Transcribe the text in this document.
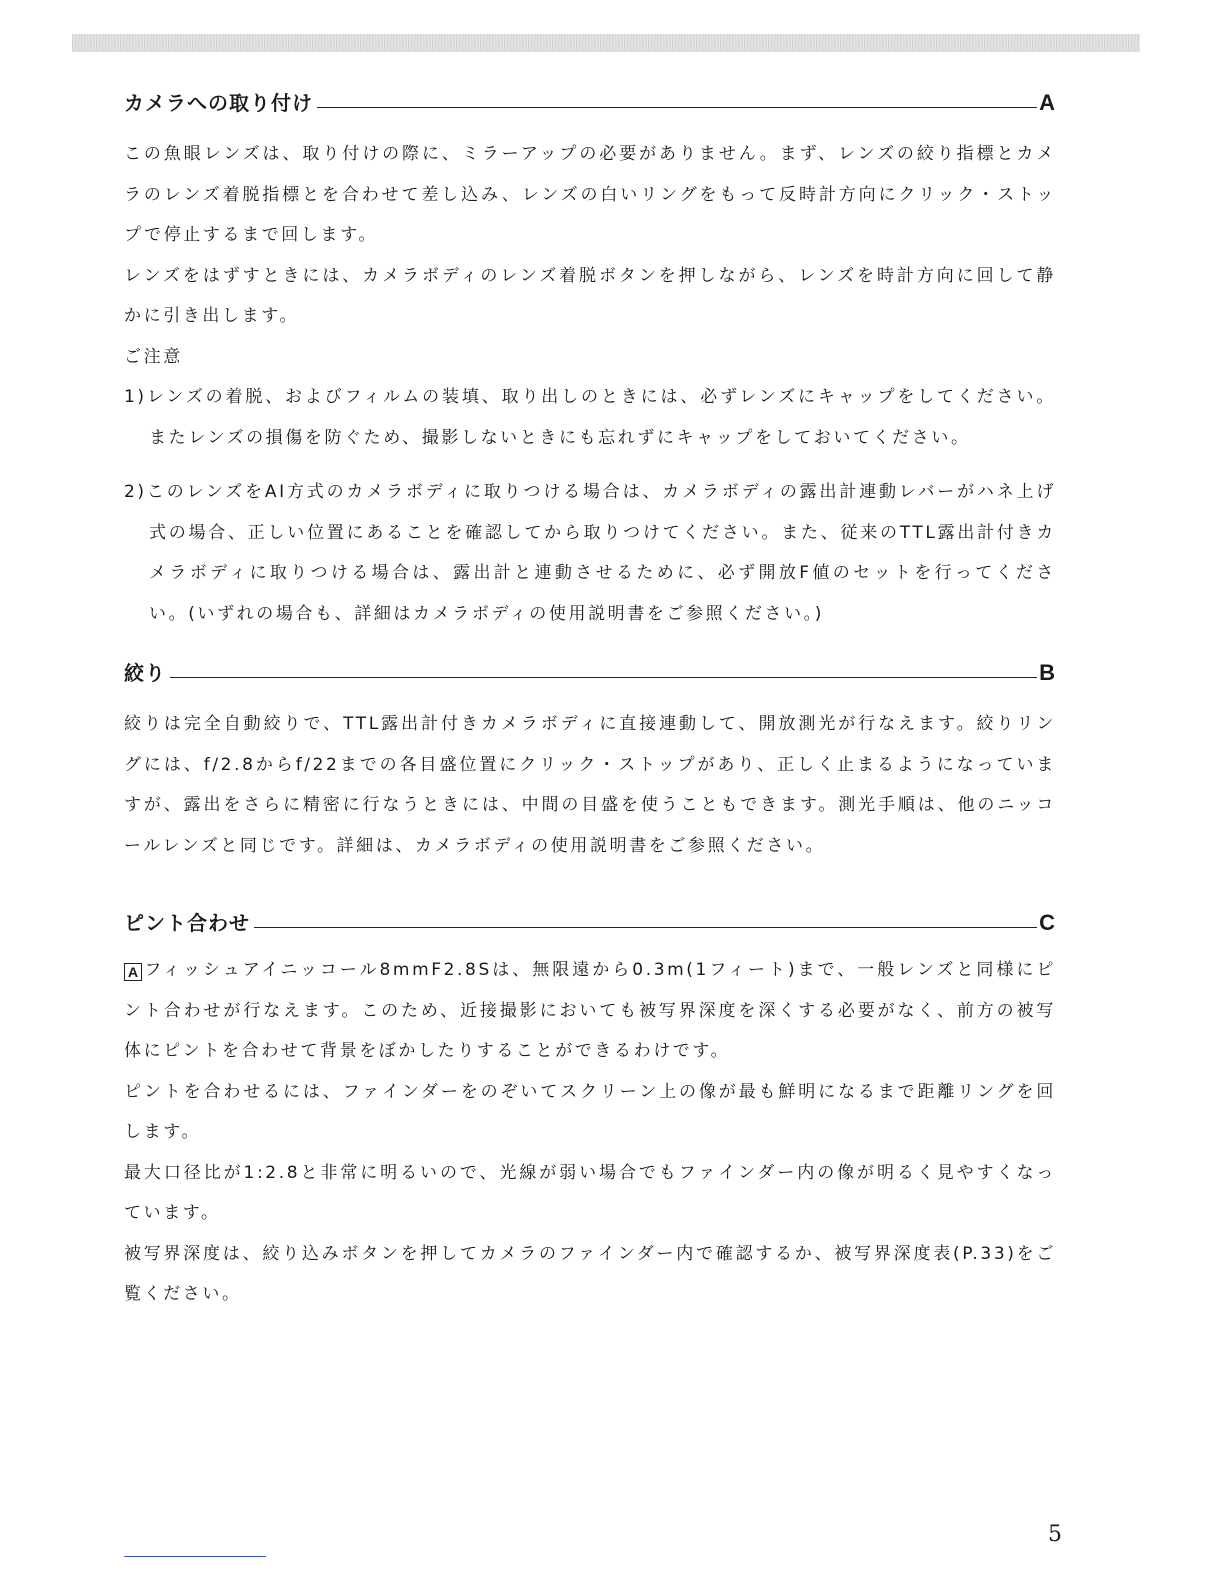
カメラへの取り付け	A

この魚眼レンズは、取り付けの際に、ミラーアップの必要がありません。まず、レンズの絞り指標とカメラのレンズ着脱指標とを合わせて差し込み、レンズの白いリングをもって反時計方向にクリック・ストップで停止するまで回します。

レンズをはずすときには、カメラボディのレンズ着脱ボタンを押しながら、レンズを時計方向に回して静かに引き出します。

ご注意

1)レンズの着脱、およびフィルムの装填、取り出しのときには、必ずレンズにキャップをしてください。またレンズの損傷を防ぐため、撮影しないときにも忘れずにキャップをしておいてください。

2)このレンズをAI方式のカメラボディに取りつける場合は、カメラボディの露出計連動レバーがハネ上げ式の場合、正しい位置にあることを確認してから取りつけてください。また、従来のTTL露出計付きカメラボディに取りつける場合は、露出計と連動させるために、必ず開放F値のセットを行ってください。(いずれの場合も、詳細はカメラボディの使用説明書をご参照ください。)

絞り	B

絞りは完全自動絞りで、TTL露出計付きカメラボディに直接連動して、開放測光が行なえます。絞りリングには、f/2.8からf/22までの各目盛位置にクリック・ストップがあり、正しく止まるようになっていますが、露出をさらに精密に行なうときには、中間の目盛を使うこともできます。測光手順は、他のニッコールレンズと同じです。詳細は、カメラボディの使用説明書をご参照ください。

ピント合わせ	C

A フィッシュアイニッコール8mmF2.8Sは、無限遠から0.3m(1フィート)まで、一般レンズと同様にピント合わせが行なえます。このため、近接撮影においても被写界深度を深くする必要がなく、前方の被写体にピントを合わせて背景をぼかしたりすることができるわけです。

ピントを合わせるには、ファインダーをのぞいてスクリーン上の像が最も鮮明になるまで距離リングを回します。

最大口径比が1:2.8と非常に明るいので、光線が弱い場合でもファインダー内の像が明るく見やすくなっています。

被写界深度は、絞り込みボタンを押してカメラのファインダー内で確認するか、被写界深度表(P.33)をご覧ください。

5
